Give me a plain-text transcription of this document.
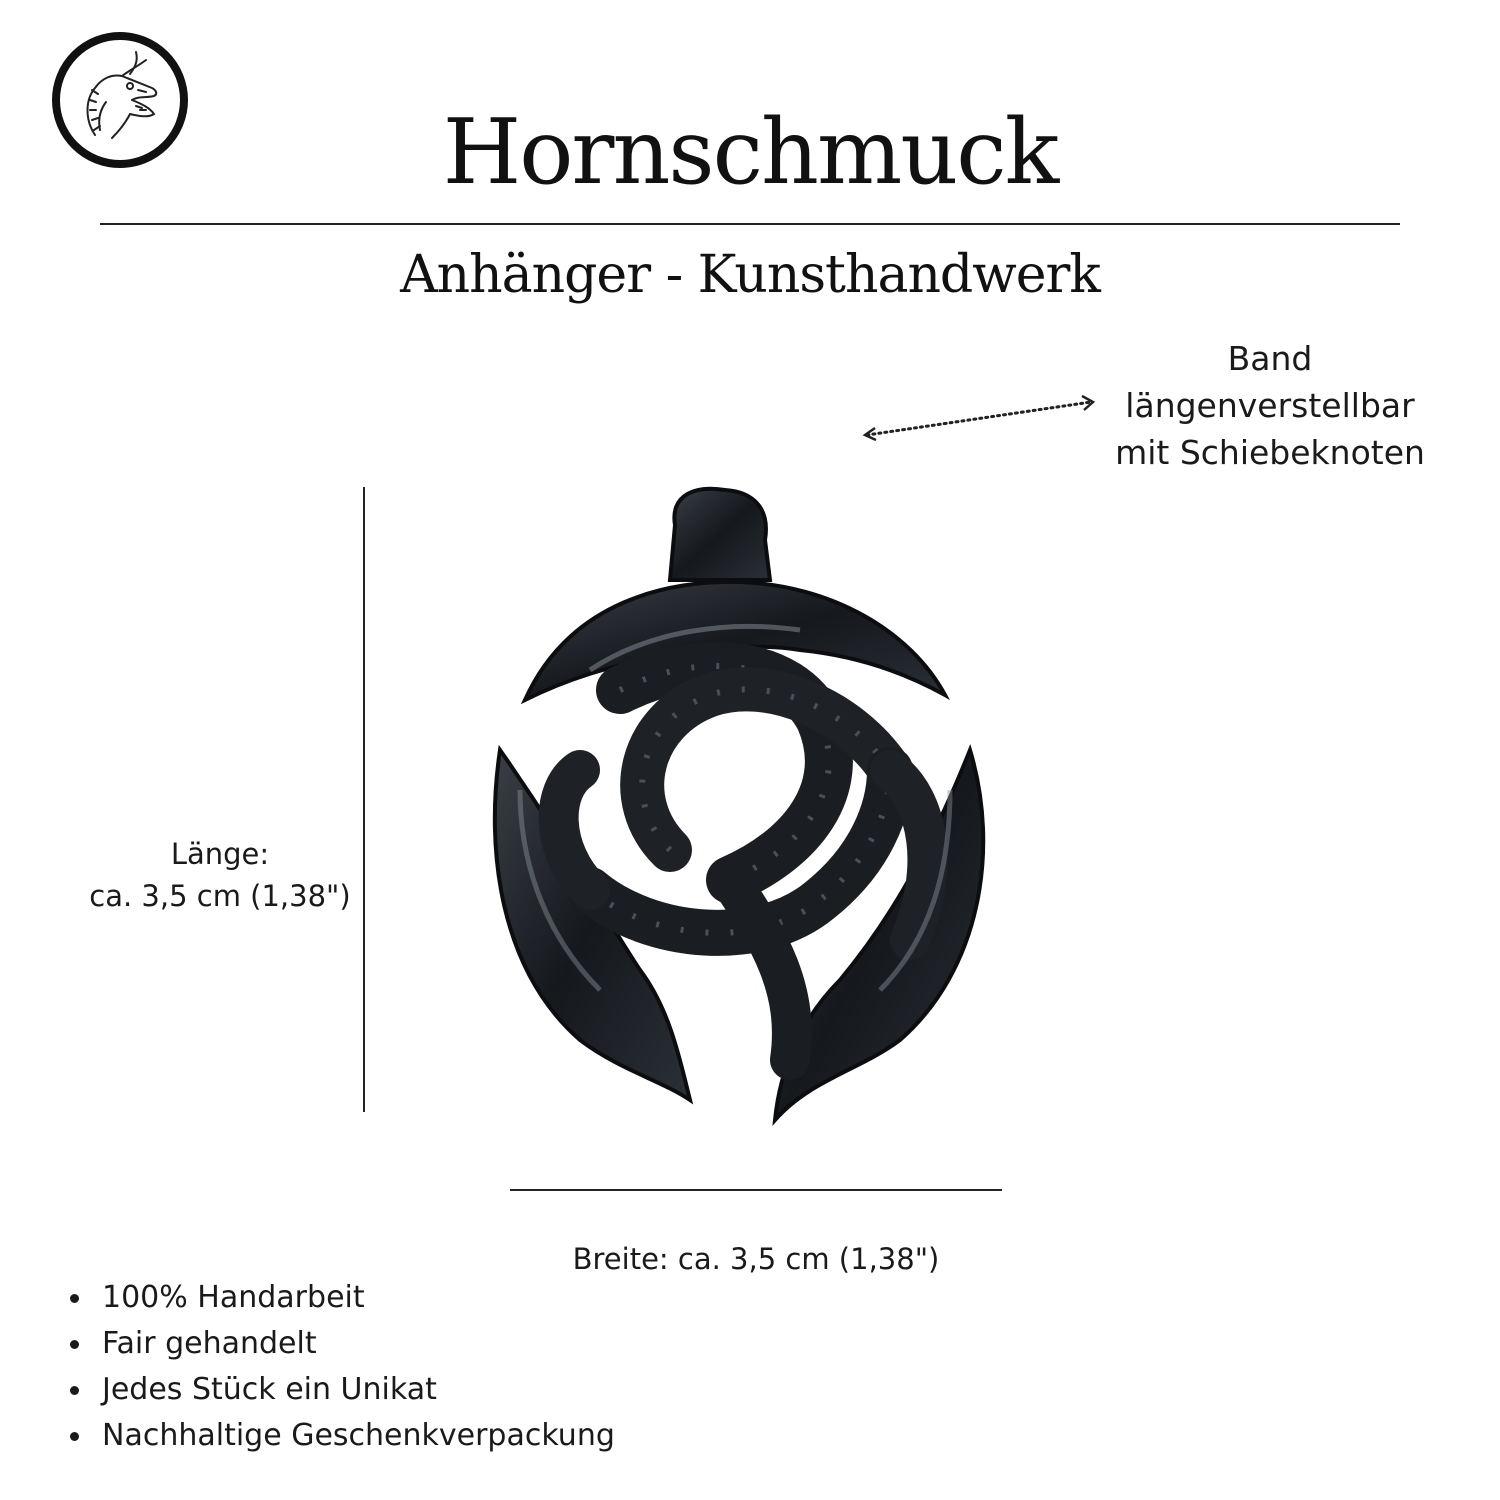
Hornschmuck
Anhänger - Kunsthandwerk
Band
längenverstellbar
mit Schiebeknoten
Länge:
ca. 3,5 cm (1,38")
Breite: ca. 3,5 cm (1,38")
100% Handarbeit
Fair gehandelt
Jedes Stück ein Unikat
Nachhaltige Geschenkverpackung
